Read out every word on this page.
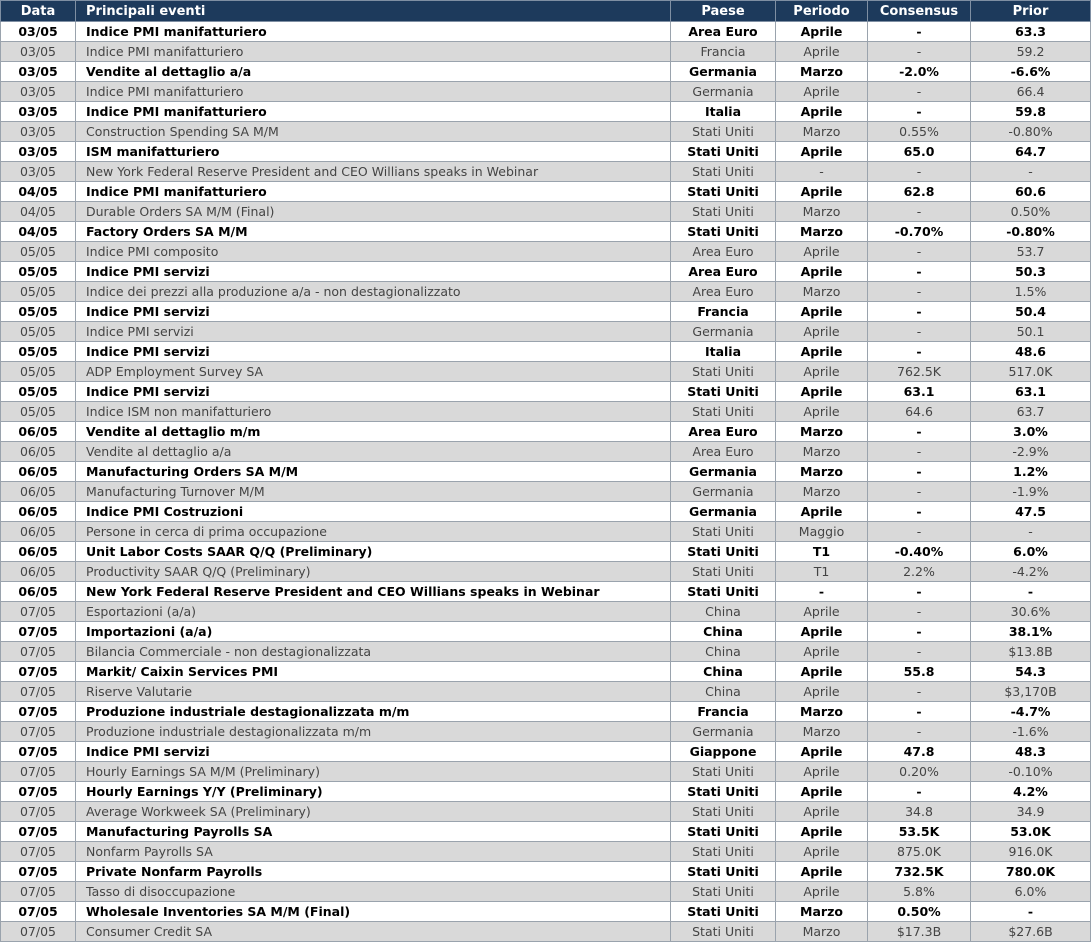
Data	Principali eventi	Paese	Periodo	Consensus	Prior
03/05	Indice PMI manifatturiero	Area Euro	Aprile	-	63.3
03/05	Indice PMI manifatturiero	Francia	Aprile	-	59.2
03/05	Vendite al dettaglio a/a	Germania	Marzo	-2.0%	-6.6%
03/05	Indice PMI manifatturiero	Germania	Aprile	-	66.4
03/05	Indice PMI manifatturiero	Italia	Aprile	-	59.8
03/05	Construction Spending SA M/M	Stati Uniti	Marzo	0.55%	-0.80%
03/05	ISM manifatturiero	Stati Uniti	Aprile	65.0	64.7
03/05	New York Federal Reserve President and CEO Willians speaks in Webinar	Stati Uniti	-	-	-
04/05	Indice PMI manifatturiero	Stati Uniti	Aprile	62.8	60.6
04/05	Durable Orders SA M/M (Final)	Stati Uniti	Marzo	-	0.50%
04/05	Factory Orders SA M/M	Stati Uniti	Marzo	-0.70%	-0.80%
05/05	Indice PMI composito	Area Euro	Aprile	-	53.7
05/05	Indice PMI servizi	Area Euro	Aprile	-	50.3
05/05	Indice dei prezzi alla produzione a/a - non destagionalizzato	Area Euro	Marzo	-	1.5%
05/05	Indice PMI servizi	Francia	Aprile	-	50.4
05/05	Indice PMI servizi	Germania	Aprile	-	50.1
05/05	Indice PMI servizi	Italia	Aprile	-	48.6
05/05	ADP Employment Survey SA	Stati Uniti	Aprile	762.5K	517.0K
05/05	Indice PMI servizi	Stati Uniti	Aprile	63.1	63.1
05/05	Indice ISM non manifatturiero	Stati Uniti	Aprile	64.6	63.7
06/05	Vendite al dettaglio m/m	Area Euro	Marzo	-	3.0%
06/05	Vendite al dettaglio a/a	Area Euro	Marzo	-	-2.9%
06/05	Manufacturing Orders SA M/M	Germania	Marzo	-	1.2%
06/05	Manufacturing Turnover M/M	Germania	Marzo	-	-1.9%
06/05	Indice PMI Costruzioni	Germania	Aprile	-	47.5
06/05	Persone in cerca di prima occupazione	Stati Uniti	Maggio	-	-
06/05	Unit Labor Costs SAAR Q/Q (Preliminary)	Stati Uniti	T1	-0.40%	6.0%
06/05	Productivity SAAR Q/Q (Preliminary)	Stati Uniti	T1	2.2%	-4.2%
06/05	New York Federal Reserve President and CEO Willians speaks in Webinar	Stati Uniti	-	-	-
07/05	Esportazioni (a/a)	China	Aprile	-	30.6%
07/05	Importazioni (a/a)	China	Aprile	-	38.1%
07/05	Bilancia Commerciale - non destagionalizzata	China	Aprile	-	$13.8B
07/05	Markit/ Caixin Services PMI	China	Aprile	55.8	54.3
07/05	Riserve Valutarie	China	Aprile	-	$3,170B
07/05	Produzione industriale destagionalizzata m/m	Francia	Marzo	-	-4.7%
07/05	Produzione industriale destagionalizzata m/m	Germania	Marzo	-	-1.6%
07/05	Indice PMI servizi	Giappone	Aprile	47.8	48.3
07/05	Hourly Earnings SA M/M (Preliminary)	Stati Uniti	Aprile	0.20%	-0.10%
07/05	Hourly Earnings Y/Y (Preliminary)	Stati Uniti	Aprile	-	4.2%
07/05	Average Workweek SA (Preliminary)	Stati Uniti	Aprile	34.8	34.9
07/05	Manufacturing Payrolls SA	Stati Uniti	Aprile	53.5K	53.0K
07/05	Nonfarm Payrolls SA	Stati Uniti	Aprile	875.0K	916.0K
07/05	Private Nonfarm Payrolls	Stati Uniti	Aprile	732.5K	780.0K
07/05	Tasso di disoccupazione	Stati Uniti	Aprile	5.8%	6.0%
07/05	Wholesale Inventories SA M/M (Final)	Stati Uniti	Marzo	0.50%	-
07/05	Consumer Credit SA	Stati Uniti	Marzo	$17.3B	$27.6B
